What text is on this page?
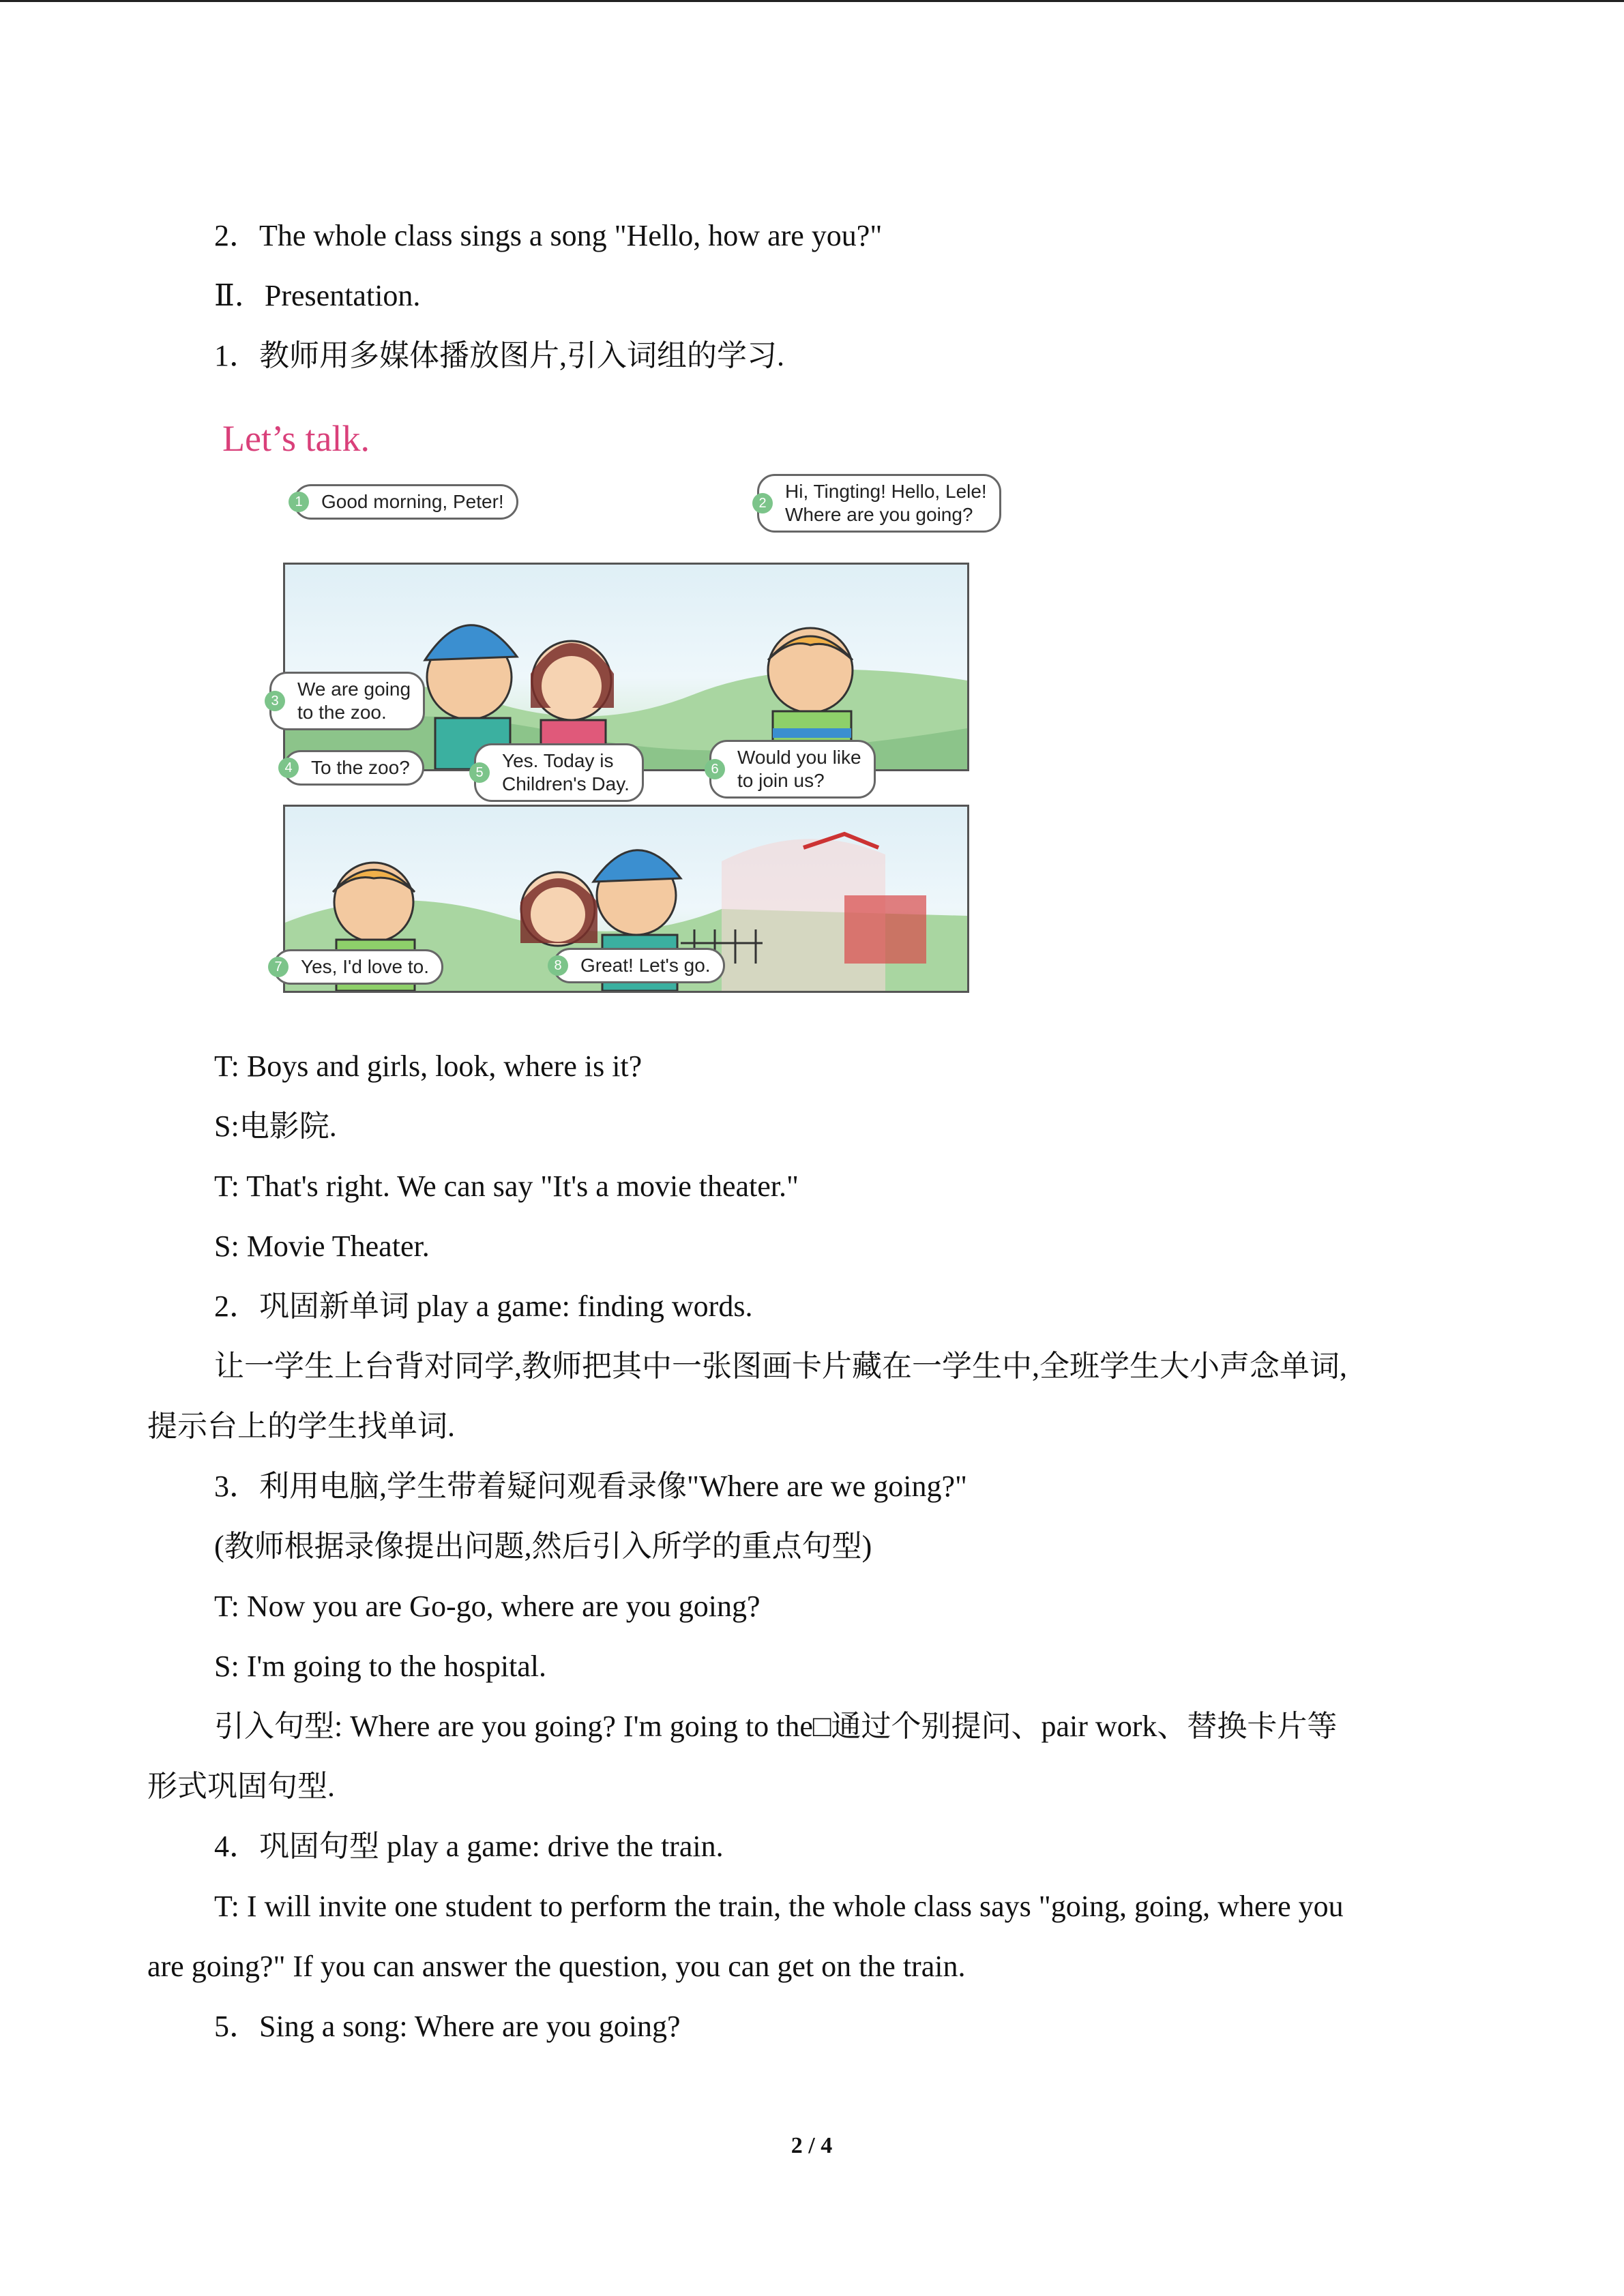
2．The whole class sings a song "Hello, how are you?"
Ⅱ．Presentation.
1．教师用多媒体播放图片,引入词组的学习.
Let’s talk.
1 Good morning, Peter!	2
Hi, Tingting! Hello, Lele!
Where are you going?
3
We are going
to the zoo.
4 To the zoo?	5
Yes. Today is
Children's Day.
6
Would you like
to join us?
7 Yes, I'd love to.	8 Great! Let's go.
T: Boys and girls, look, where is it?
S:电影院.
T: That's right. We can say "It's a movie theater."
S: Movie Theater.
2．巩固新单词 play a game: finding words.
让一学生上台背对同学,教师把其中一张图画卡片藏在一学生中,全班学生大小声念单词,
提示台上的学生找单词.
3．利用电脑,学生带着疑问观看录像"Where are we going?"
(教师根据录像提出问题,然后引入所学的重点句型)
T: Now you are Go-go, where are you going?
S: I'm going to the hospital.
引入句型: Where are you going? I'm going to the□通过个别提问、pair work、替换卡片等
形式巩固句型.
4．巩固句型 play a game: drive the train.
T: I will invite one student to perform the train, the whole class says "going, going, where you
are going?" If you can answer the question, you can get on the train.
5．Sing a song: Where are you going?
2 / 4
